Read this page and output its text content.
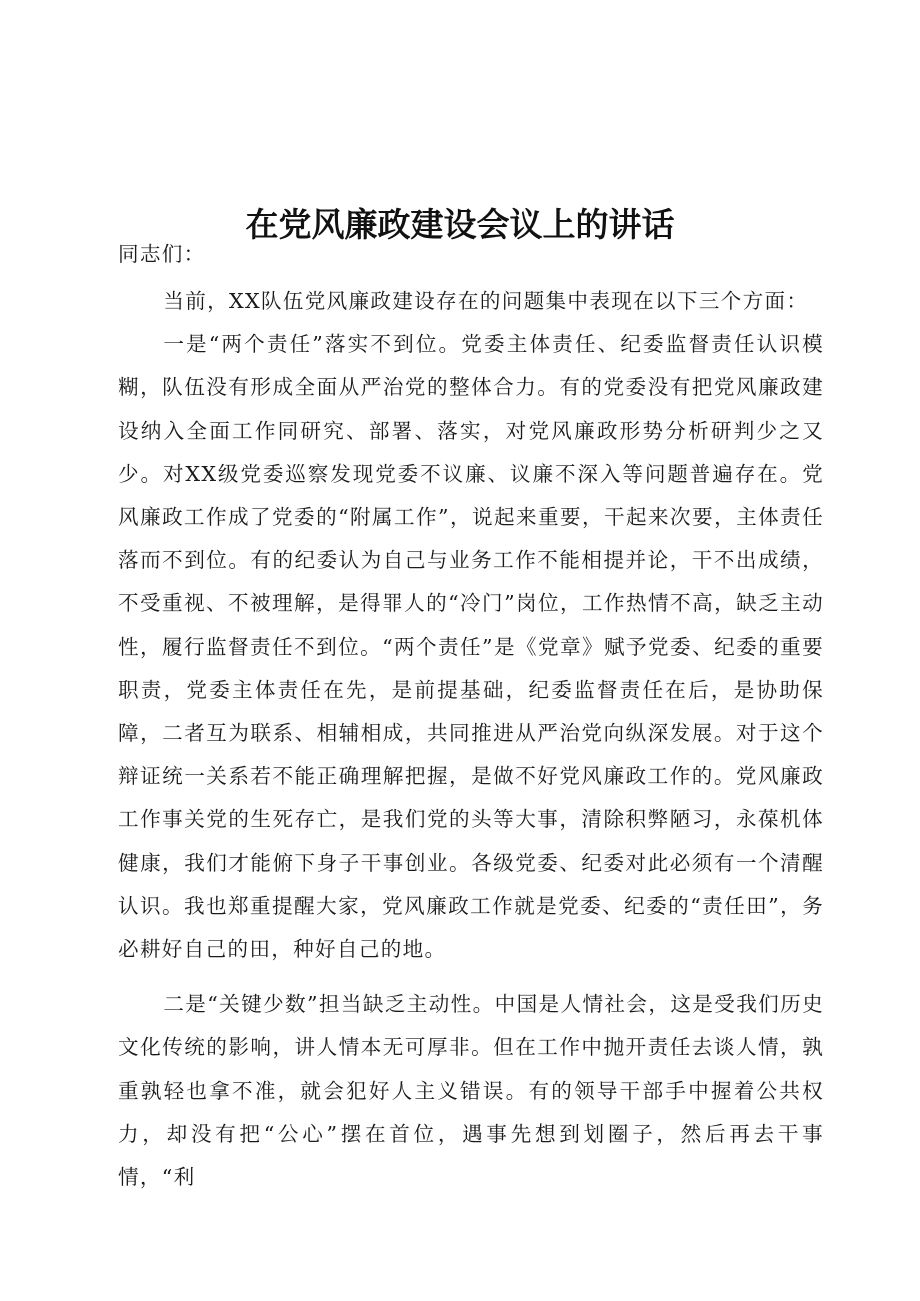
在党风廉政建设会议上的讲话

同志们：

当前，XX队伍党风廉政建设存在的问题集中表现在以下三个方面：

一是“两个责任”落实不到位。党委主体责任、纪委监督责任认识模糊，队伍没有形成全面从严治党的整体合力。有的党委没有把党风廉政建设纳入全面工作同研究、部署、落实，对党风廉政形势分析研判少之又少。对XX级党委巡察发现党委不议廉、议廉不深入等问题普遍存在。党风廉政工作成了党委的“附属工作”，说起来重要，干起来次要，主体责任落而不到位。有的纪委认为自己与业务工作不能相提并论，干不出成绩，不受重视、不被理解，是得罪人的“冷门”岗位，工作热情不高，缺乏主动性，履行监督责任不到位。“两个责任”是《党章》赋予党委、纪委的重要职责，党委主体责任在先，是前提基础，纪委监督责任在后，是协助保障，二者互为联系、相辅相成，共同推进从严治党向纵深发展。对于这个辩证统一关系若不能正确理解把握，是做不好党风廉政工作的。党风廉政工作事关党的生死存亡，是我们党的头等大事，清除积弊陋习，永葆机体健康，我们才能俯下身子干事创业。各级党委、纪委对此必须有一个清醒认识。我也郑重提醒大家，党风廉政工作就是党委、纪委的“责任田”，务必耕好自己的田，种好自己的地。

二是“关键少数”担当缺乏主动性。中国是人情社会，这是受我们历史文化传统的影响，讲人情本无可厚非。但在工作中抛开责任去谈人情，孰重孰轻也拿不准，就会犯好人主义错误。有的领导干部手中握着公共权力，却没有把“公心”摆在首位，遇事先想到划圈子，然后再去干事情，“利
